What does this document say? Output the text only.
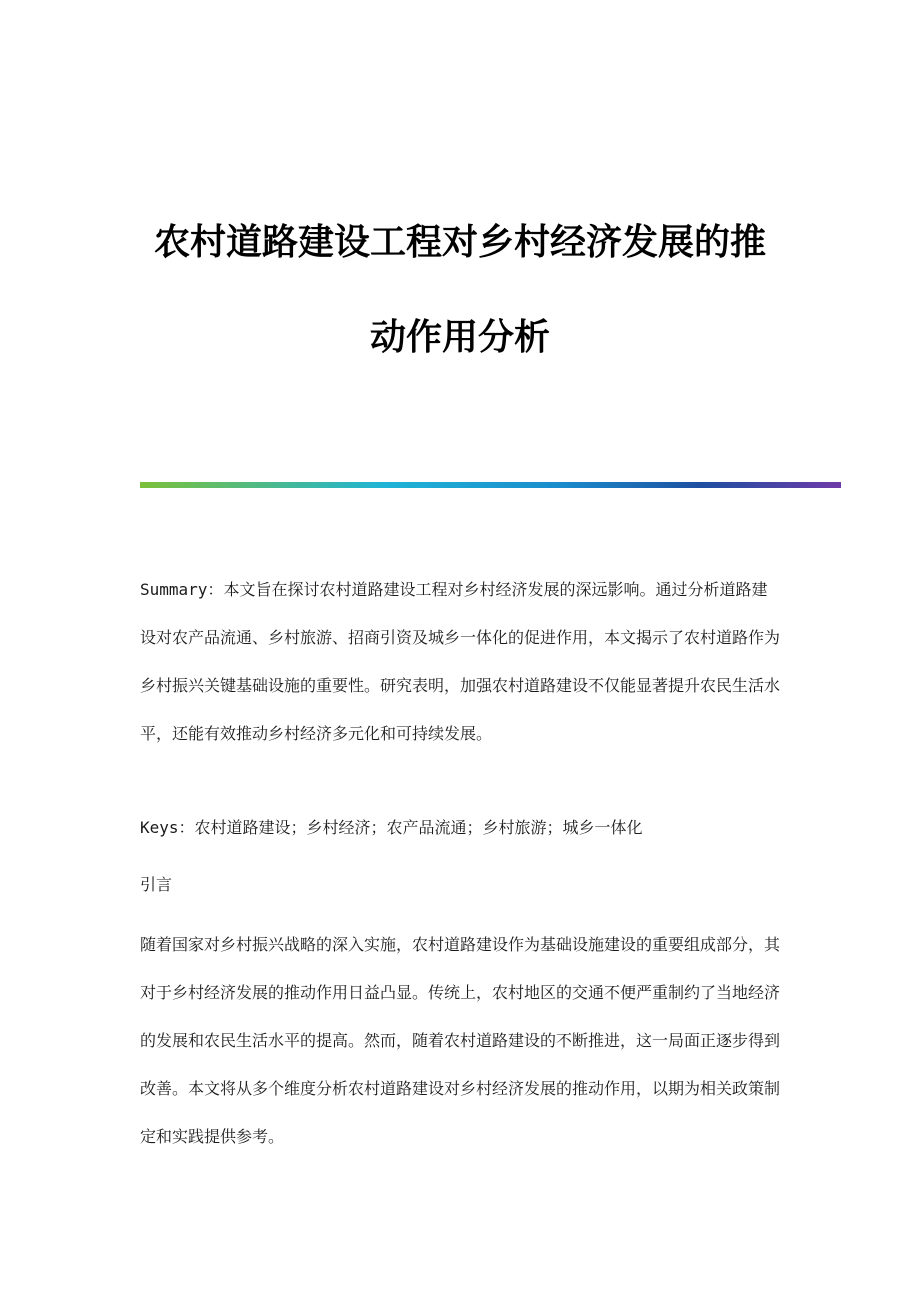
农村道路建设工程对乡村经济发展的推
动作用分析

Summary：本文旨在探讨农村道路建设工程对乡村经济发展的深远影响。通过分析道路建设对农产品流通、乡村旅游、招商引资及城乡一体化的促进作用，本文揭示了农村道路作为乡村振兴关键基础设施的重要性。研究表明，加强农村道路建设不仅能显著提升农民生活水平，还能有效推动乡村经济多元化和可持续发展。

Keys：农村道路建设；乡村经济；农产品流通；乡村旅游；城乡一体化

引言

随着国家对乡村振兴战略的深入实施，农村道路建设作为基础设施建设的重要组成部分，其对于乡村经济发展的推动作用日益凸显。传统上，农村地区的交通不便严重制约了当地经济的发展和农民生活水平的提高。然而，随着农村道路建设的不断推进，这一局面正逐步得到改善。本文将从多个维度分析农村道路建设对乡村经济发展的推动作用，以期为相关政策制定和实践提供参考。
